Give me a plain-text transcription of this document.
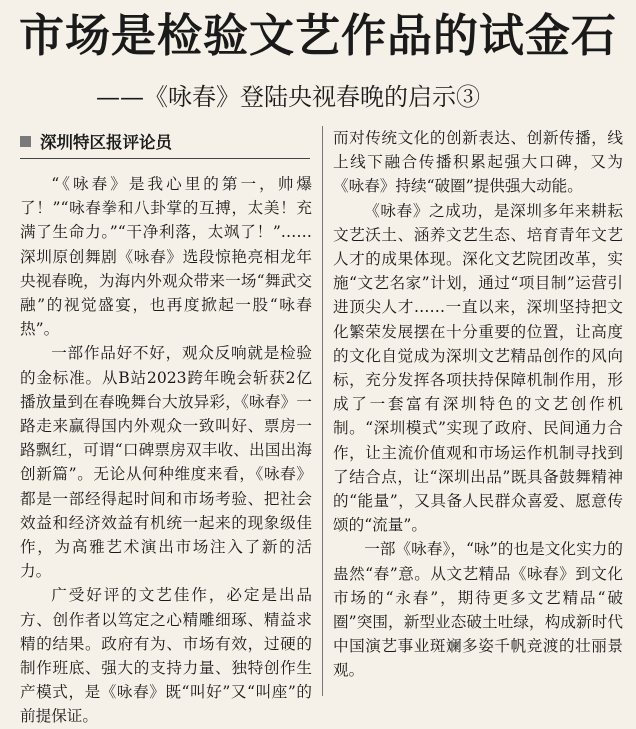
市场是检验文艺作品的试金石
——《咏春》登陆央视春晚的启示③
深圳特区报评论员

“《咏春》是我心里的第一，帅爆了！”“咏春拳和八卦掌的互搏，太美！充满了生命力。”“干净利落，太飒了！”……深圳原创舞剧《咏春》选段惊艳亮相龙年央视春晚，为海内外观众带来一场“舞武交融”的视觉盛宴，也再度掀起一股“咏春热”。

一部作品好不好，观众反响就是检验的金标准。从B站2023跨年晚会斩获2亿播放量到在春晚舞台大放异彩，《咏春》一路走来赢得国内外观众一致叫好、票房一路飘红，可谓“口碑票房双丰收、出国出海创新篇”。无论从何种维度来看，《咏春》都是一部经得起时间和市场考验、把社会效益和经济效益有机统一起来的现象级佳作，为高雅艺术演出市场注入了新的活力。

广受好评的文艺佳作，必定是出品方、创作者以笃定之心精雕细琢、精益求精的结果。政府有为、市场有效，过硬的制作班底、强大的支持力量、独特创作生产模式，是《咏春》既“叫好”又“叫座”的前提保证。

而对传统文化的创新表达、创新传播，线上线下融合传播积累起强大口碑，又为《咏春》持续“破圈”提供强大动能。

《咏春》之成功，是深圳多年来耕耘文艺沃土、涵养文艺生态、培育青年文艺人才的成果体现。深化文艺院团改革，实施“文艺名家”计划，通过“项目制”运营引进顶尖人才……一直以来，深圳坚持把文化繁荣发展摆在十分重要的位置，让高度的文化自觉成为深圳文艺精品创作的风向标，充分发挥各项扶持保障机制作用，形成了一套富有深圳特色的文艺创作机制。“深圳模式”实现了政府、民间通力合作，让主流价值观和市场运作机制寻找到了结合点，让“深圳出品”既具备鼓舞精神的“能量”，又具备人民群众喜爱、愿意传颂的“流量”。

一部《咏春》，“咏”的也是文化实力的蛊然“春”意。从文艺精品《咏春》到文化市场的“永春”，期待更多文艺精品“破圈”突围，新型业态破土吐绿，构成新时代中国演艺事业斑斓多姿千帆竞渡的壮丽景观。
